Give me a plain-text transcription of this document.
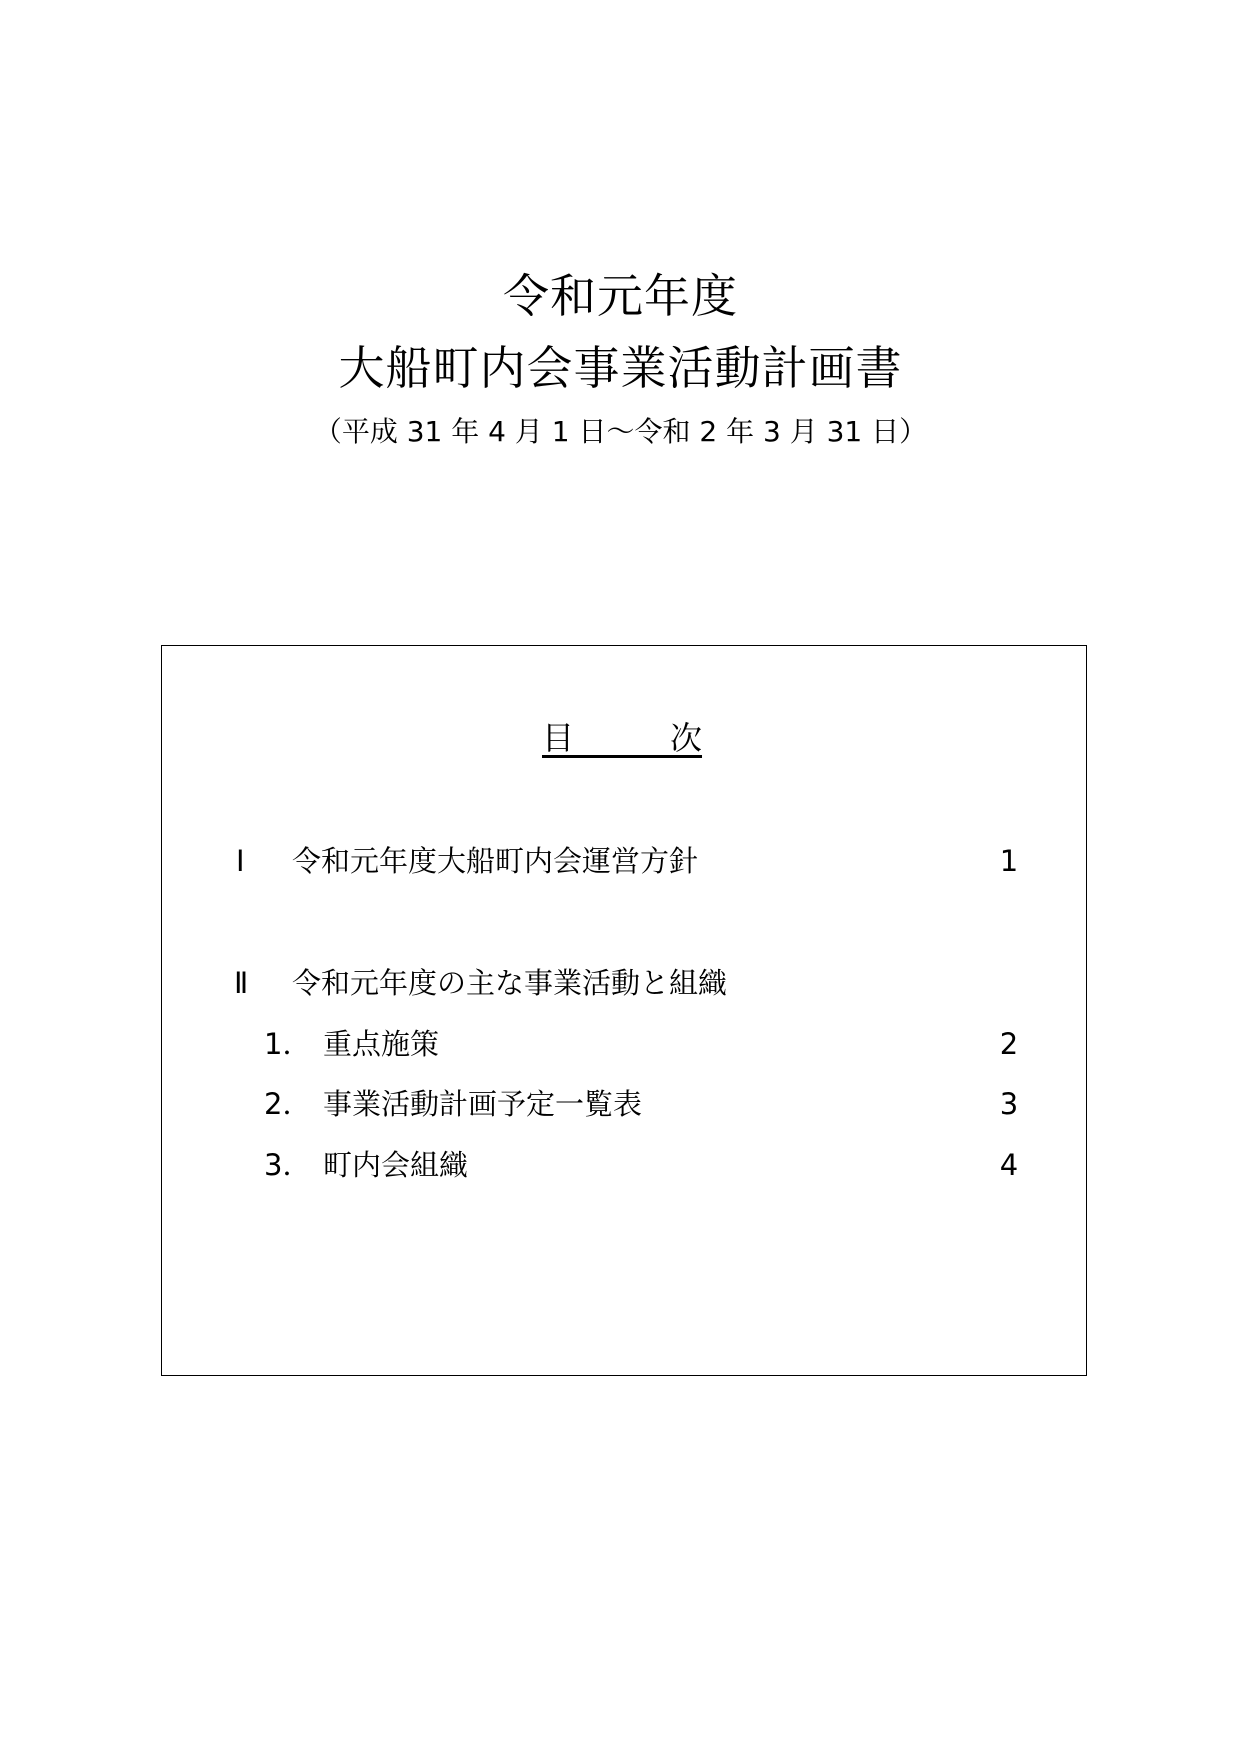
令和元年度
大船町内会事業活動計画書
（平成 31 年 4 月 1 日～令和 2 年 3 月 31 日）
目　　　次
Ⅰ 令和元年度大船町内会運営方針	1
Ⅱ 令和元年度の主な事業活動と組織
1． 重点施策	2
2． 事業活動計画予定一覧表	3
3． 町内会組織	4
